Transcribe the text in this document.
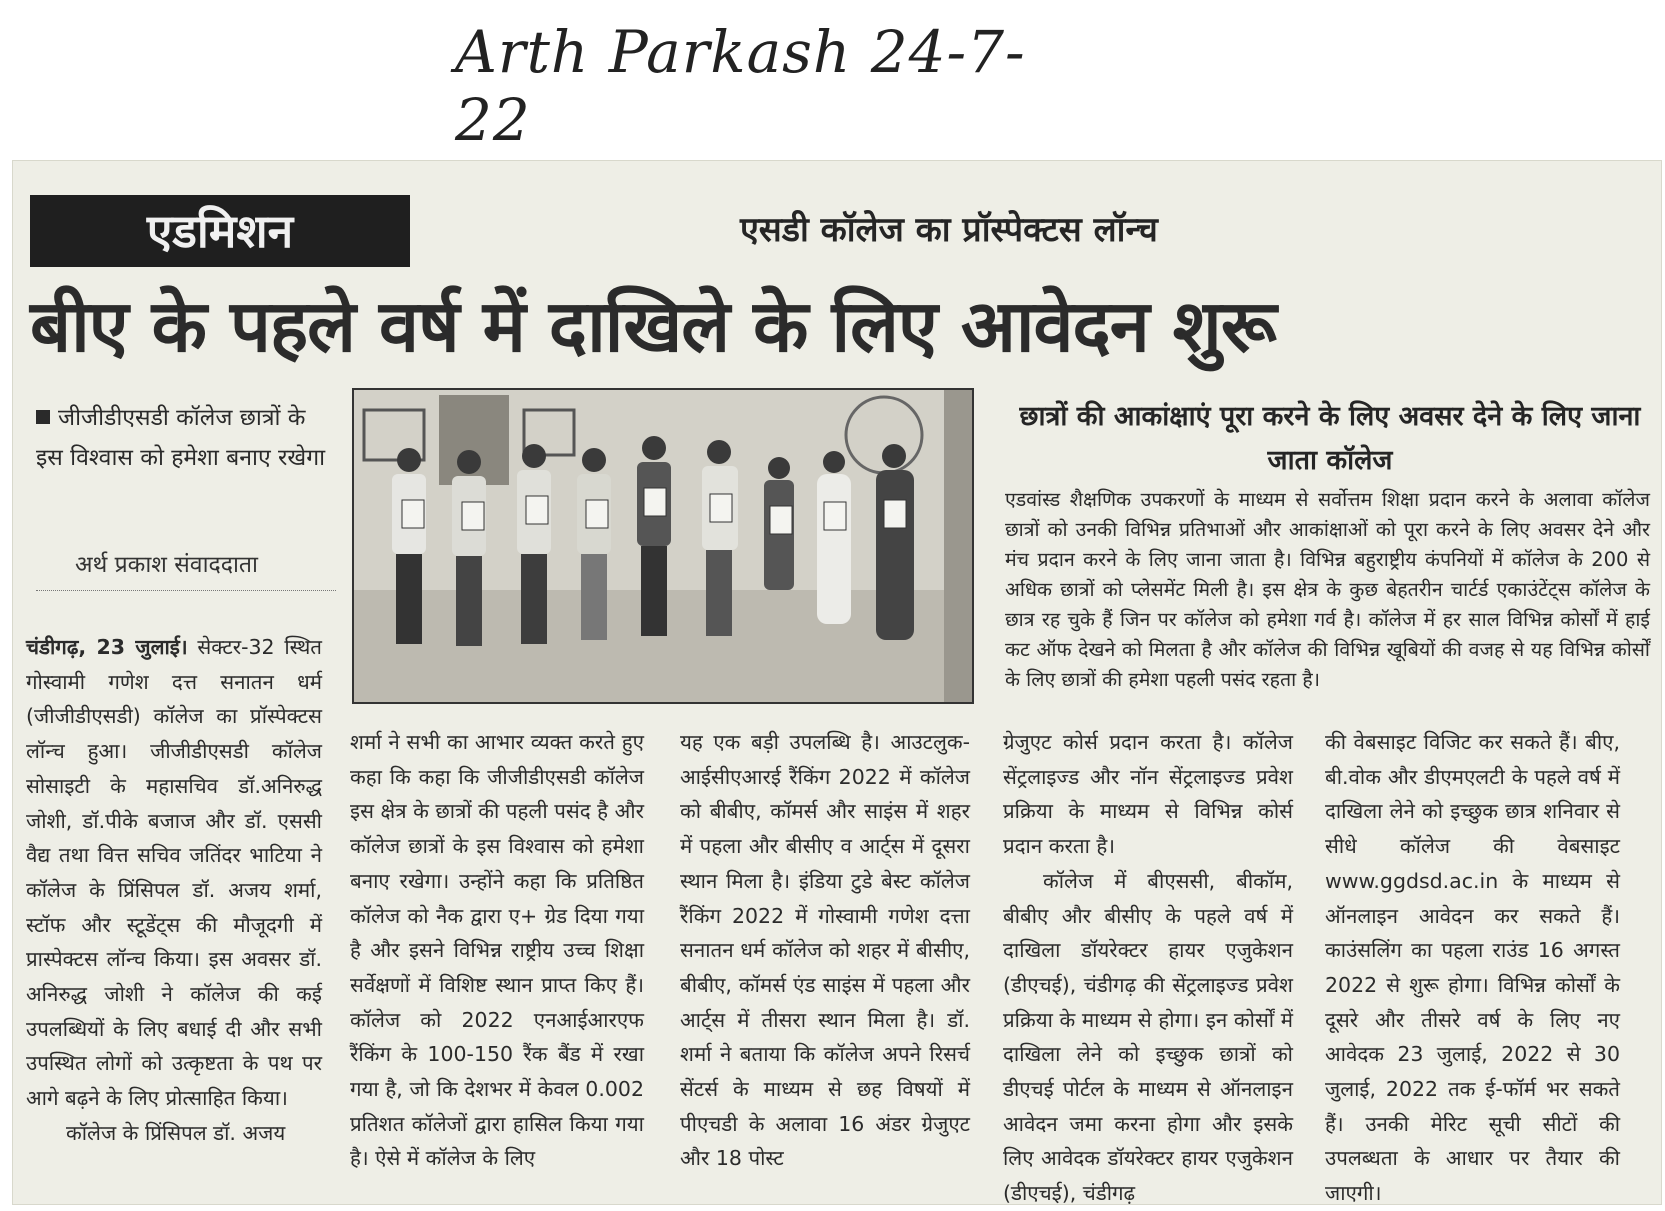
Arth Parkash 24-7-22
एडमिशन	एसडी कॉलेज का प्रॉस्पेक्टस लॉन्च
बीए के पहले वर्ष में दाखिले के लिए आवेदन शुरू
जीजीडीएसडी कॉलेज छात्रों के इस विश्वास को हमेशा बनाए रखेगा
अर्थ प्रकाश संवाददाता
छात्रों की आकांक्षाएं पूरा करने के लिए अवसर देने के लिए जाना जाता कॉलेज
एडवांस्ड शैक्षणिक उपकरणों के माध्यम से सर्वोत्तम शिक्षा प्रदान करने के अलावा कॉलेज छात्रों को उनकी विभिन्न प्रतिभाओं और आकांक्षाओं को पूरा करने के लिए अवसर देने और मंच प्रदान करने के लिए जाना जाता है। विभिन्न बहुराष्ट्रीय कंपनियों में कॉलेज के 200 से अधिक छात्रों को प्लेसमेंट मिली है। इस क्षेत्र के कुछ बेहतरीन चार्टर्ड एकाउंटेंट्स कॉलेज के छात्र रह चुके हैं जिन पर कॉलेज को हमेशा गर्व है। कॉलेज में हर साल विभिन्न कोर्सों में हाई कट ऑफ देखने को मिलता है और कॉलेज की विभिन्न खूबियों की वजह से यह विभिन्न कोर्सों के लिए छात्रों की हमेशा पहली पसंद रहता है।

चंडीगढ़, 23 जुलाई। सेक्टर-32 स्थित गोस्वामी गणेश दत्त सनातन धर्म (जीजीडीएसडी) कॉलेज का प्रॉस्पेक्टस लॉन्च हुआ। जीजीडीएसडी कॉलेज सोसाइटी के महासचिव डॉ.अनिरुद्ध जोशी, डॉ.पीके बजाज और डॉ. एससी वैद्य तथा वित्त सचिव जतिंदर भाटिया ने कॉलेज के प्रिंसिपल डॉ. अजय शर्मा, स्टॉफ और स्टूडेंट्स की मौजूदगी में प्रास्पेक्टस लॉन्च किया। इस अवसर डॉ. अनिरुद्ध जोशी ने कॉलेज की कई उपलब्धियों के लिए बधाई दी और सभी उपस्थित लोगों को उत्कृष्टता के पथ पर आगे बढ़ने के लिए प्रोत्साहित किया।

कॉलेज के प्रिंसिपल डॉ. अजय

शर्मा ने सभी का आभार व्यक्त करते हुए कहा कि कहा कि जीजीडीएसडी कॉलेज इस क्षेत्र के छात्रों की पहली पसंद है और कॉलेज छात्रों के इस विश्वास को हमेशा बनाए रखेगा। उन्होंने कहा कि प्रतिष्ठित कॉलेज को नैक द्वारा ए+ ग्रेड दिया गया है और इसने विभिन्न राष्ट्रीय उच्च शिक्षा सर्वेक्षणों में विशिष्ट स्थान प्राप्त किए हैं। कॉलेज को 2022 एनआईआरएफ रैंकिंग के 100-150 रैंक बैंड में रखा गया है, जो कि देशभर में केवल 0.002 प्रतिशत कॉलेजों द्वारा हासिल किया गया है। ऐसे में कॉलेज के लिए

यह एक बड़ी उपलब्धि है। आउटलुक-आईसीएआरई रैंकिंग 2022 में कॉलेज को बीबीए, कॉमर्स और साइंस में शहर में पहला और बीसीए व आर्ट्स में दूसरा स्थान मिला है। इंडिया टुडे बेस्ट कॉलेज रैंकिंग 2022 में गोस्वामी गणेश दत्ता सनातन धर्म कॉलेज को शहर में बीसीए, बीबीए, कॉमर्स एंड साइंस में पहला और आर्ट्स में तीसरा स्थान मिला है। डॉ. शर्मा ने बताया कि कॉलेज अपने रिसर्च सेंटर्स के माध्यम से छह विषयों में पीएचडी के अलावा 16 अंडर ग्रेजुएट और 18 पोस्ट

ग्रेजुएट कोर्स प्रदान करता है। कॉलेज सेंट्रलाइज्ड और नॉन सेंट्रलाइज्ड प्रवेश प्रक्रिया के माध्यम से विभिन्न कोर्स प्रदान करता है।

कॉलेज में बीएससी, बीकॉम, बीबीए और बीसीए के पहले वर्ष में दाखिला डॉयरेक्टर हायर एजुकेशन (डीएचई), चंडीगढ़ की सेंट्रलाइज्ड प्रवेश प्रक्रिया के माध्यम से होगा। इन कोर्सों में दाखिला लेने को इच्छुक छात्रों को डीएचई पोर्टल के माध्यम से ऑनलाइन आवेदन जमा करना होगा और इसके लिए आवेदक डॉयरेक्टर हायर एजुकेशन (डीएचई), चंडीगढ़

की वेबसाइट विजिट कर सकते हैं। बीए, बी.वोक और डीएमएलटी के पहले वर्ष में दाखिला लेने को इच्छुक छात्र शनिवार से सीधे कॉलेज की वेबसाइट www.ggdsd.ac.in के माध्यम से ऑनलाइन आवेदन कर सकते हैं। काउंसलिंग का पहला राउंड 16 अगस्त 2022 से शुरू होगा। विभिन्न कोर्सों के दूसरे और तीसरे वर्ष के लिए नए आवेदक 23 जुलाई, 2022 से 30 जुलाई, 2022 तक ई-फॉर्म भर सकते हैं। उनकी मेरिट सूची सीटों की उपलब्धता के आधार पर तैयार की जाएगी।
